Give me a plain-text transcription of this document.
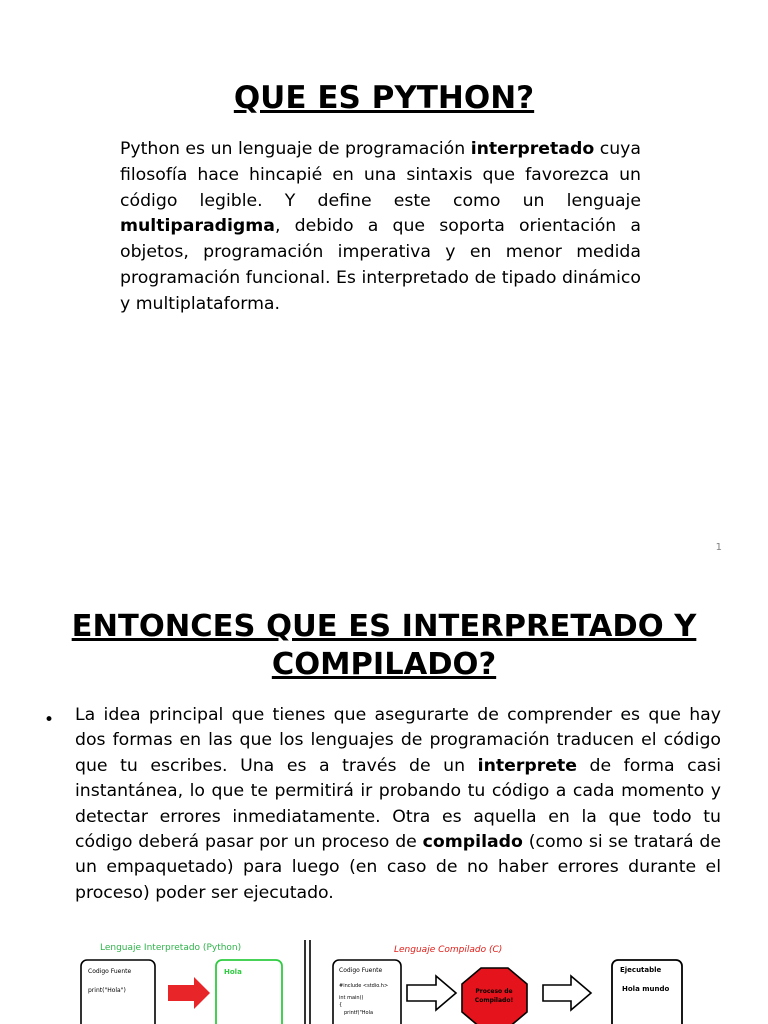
QUE ES PYTHON?

Python es un lenguaje de programación interpretado cuya filosofía hace hincapié en una sintaxis que favorezca un código legible. Y define este como un lenguaje multiparadigma, debido a que soporta orientación a objetos, programación imperativa y en menor medida programación funcional. Es interpretado de tipado dinámico y multiplataforma.

1
ENTONCES QUE ES INTERPRETADO Y
COMPILADO?
• La idea principal que tienes que asegurarte de comprender es que hay dos formas en las que los lenguajes de programación traducen el código que tu escribes. Una es a través de un interprete de forma casi instantánea, lo que te permitirá ir probando tu código a cada momento y detectar errores inmediatamente. Otra es aquella en la que todo tu código deberá pasar por un proceso de compilado (como si se tratará de un empaquetado) para luego (en caso de no haber errores durante el proceso) poder ser ejecutado.

Lenguaje Interpretado (Python)
Codigo Fuente
print("Hola")
Hola
Lenguaje Compilado (C)
Codigo Fuente
#include <stdio.h>
int main()
{
printf("Hola
Proceso de
Compilado!
Ejecutable
Hola mundo
